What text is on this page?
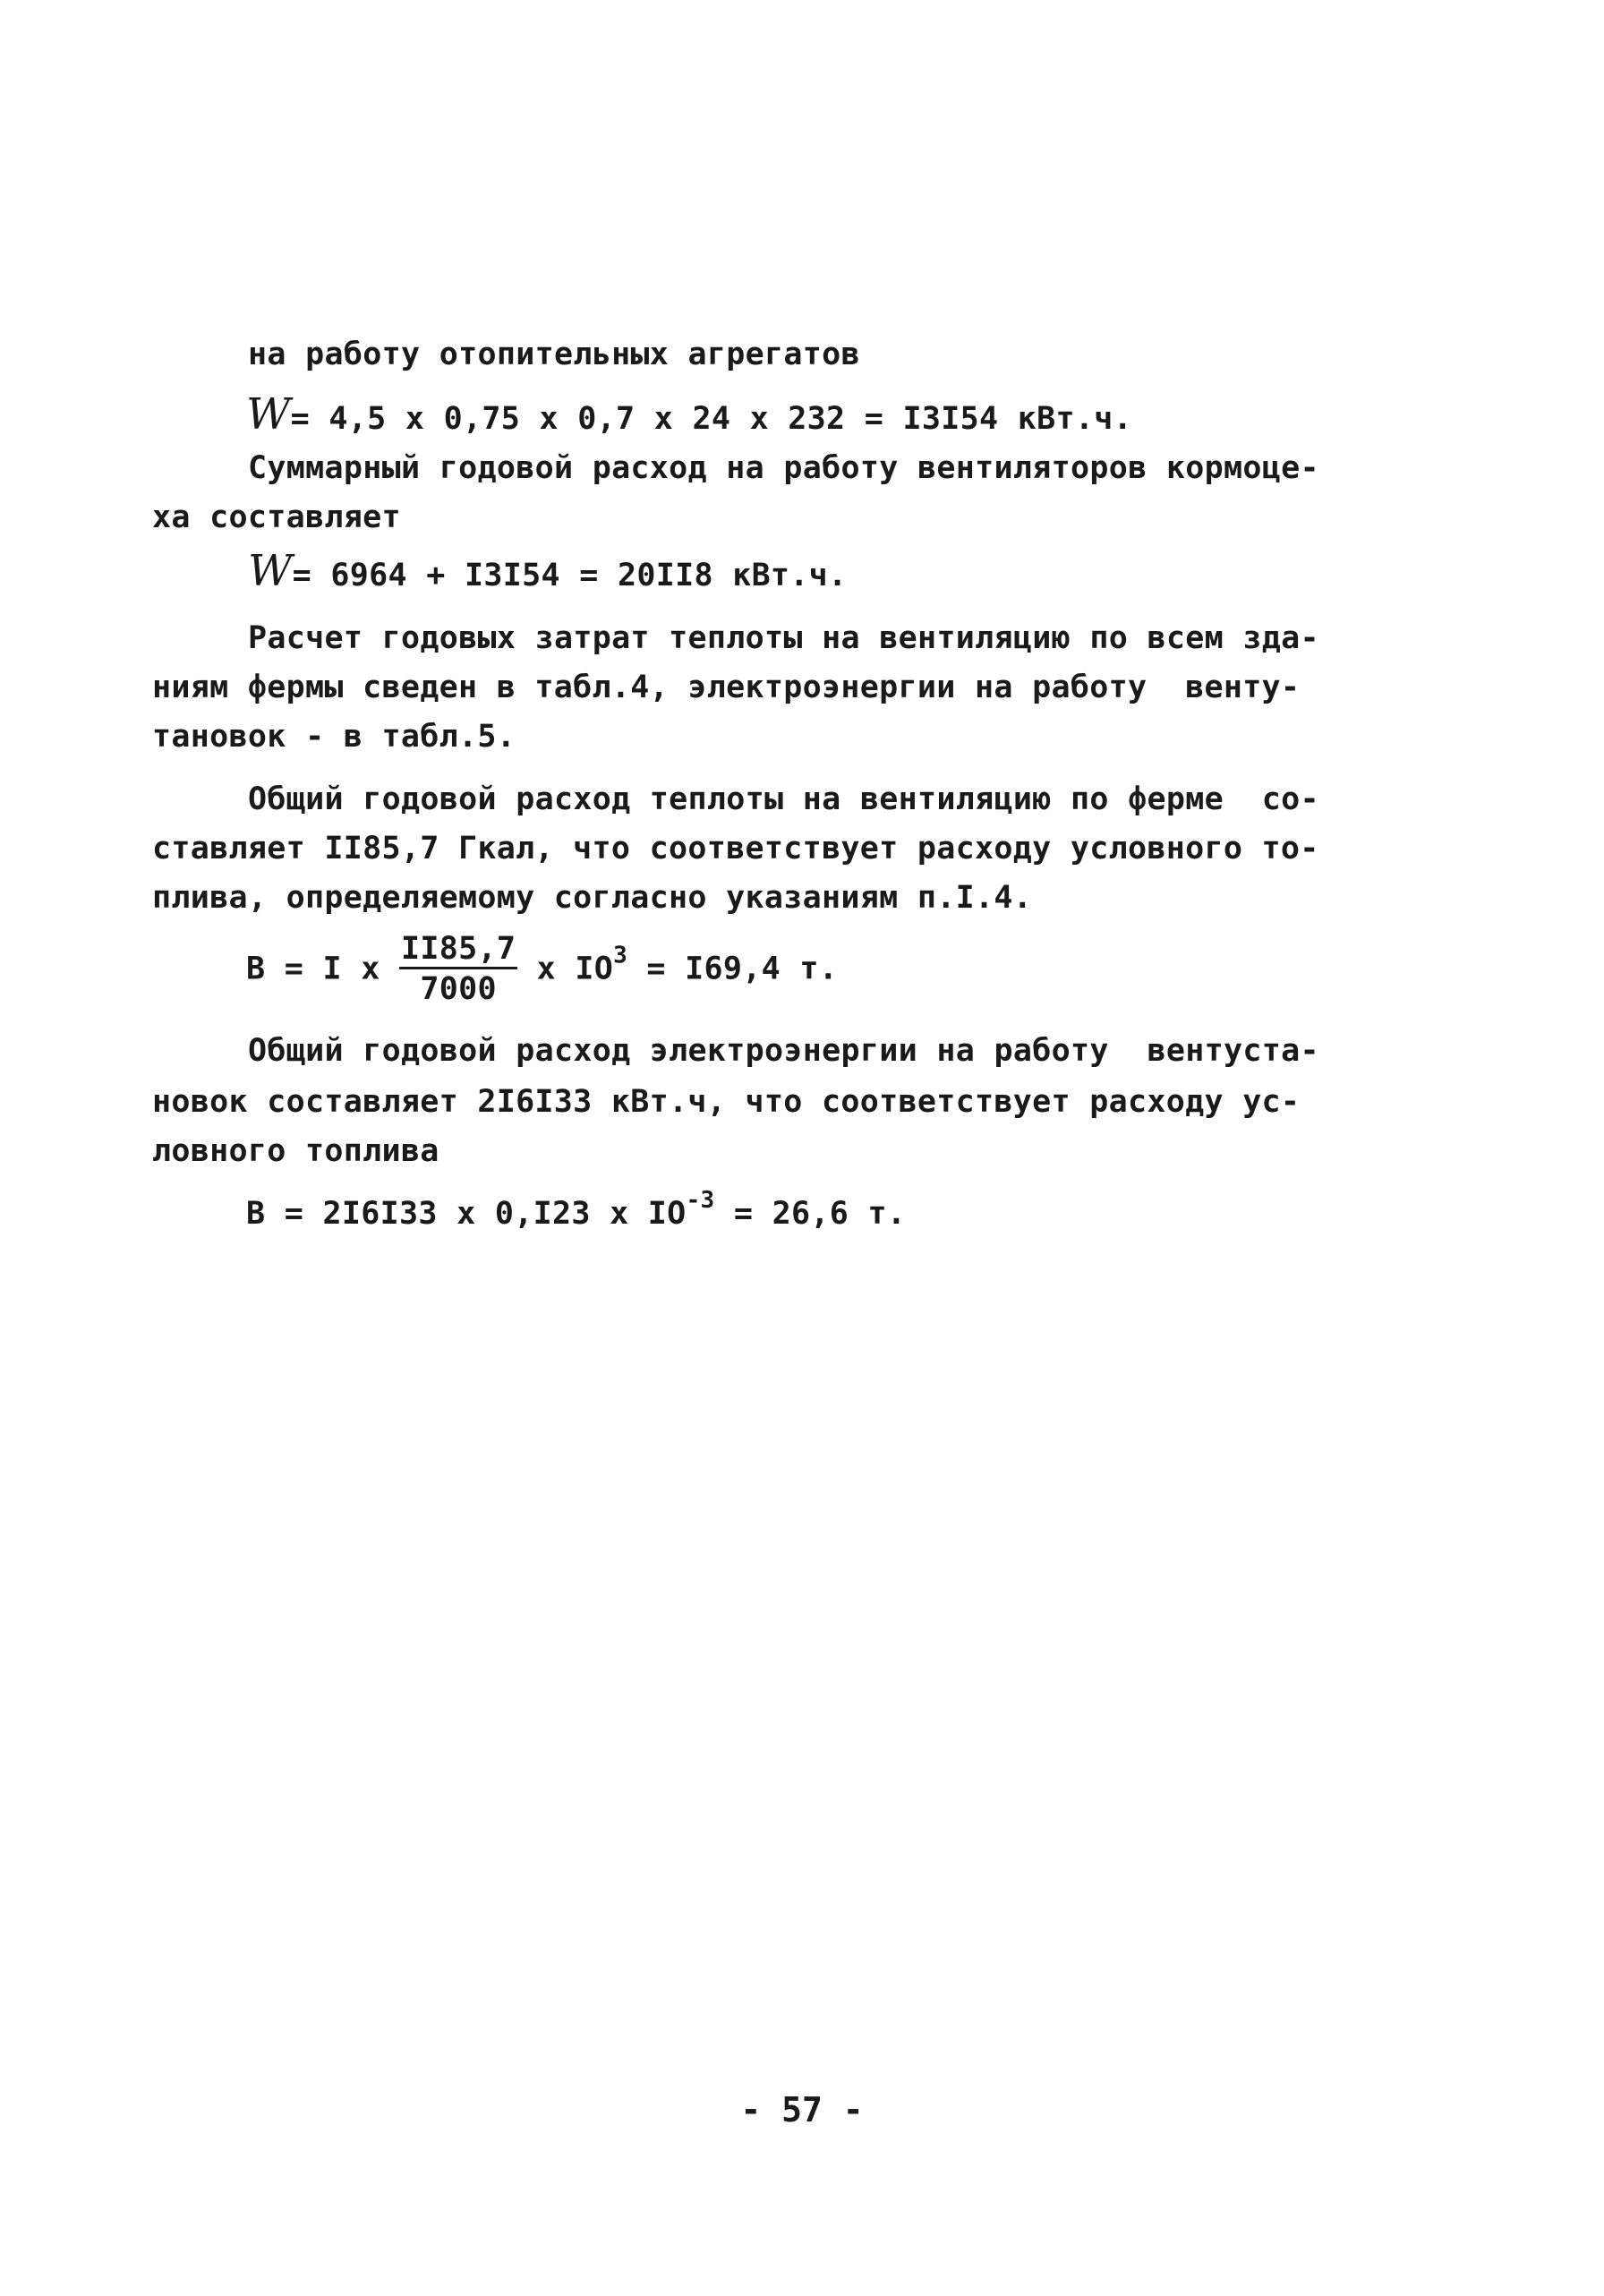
на работу отопительных агрегатов
W= 4,5 x 0,75 x 0,7 x 24 x 232 = I3I54 кВт.ч.
Суммарный годовой расход на работу вентиляторов кормоце-
ха составляет
W= 6964 + I3I54 = 20II8 кВт.ч.
Расчет годовых затрат теплоты на вентиляцию по всем зда-
ниям фермы сведен в табл.4, электроэнергии на работу  венту-
тановок - в табл.5.
Общий годовой расход теплоты на вентиляцию по ферме  со-
ставляет II85,7 Гкал, что соответствует расходу условного то-
плива, определяемому согласно указаниям п.I.4.
B = I x $\frac{II85,7}{7000}$ x $IO^3 = I69,4$ т.
Общий годовой расход электроэнергии на работу  вентуста-
новок составляет 2I6I33 кВт.ч, что соответствует расходу ус-
ловного топлива
B = 2I6I33 x 0,I23 x $IO^{-3} = 26,6$ т.
- 57 -
